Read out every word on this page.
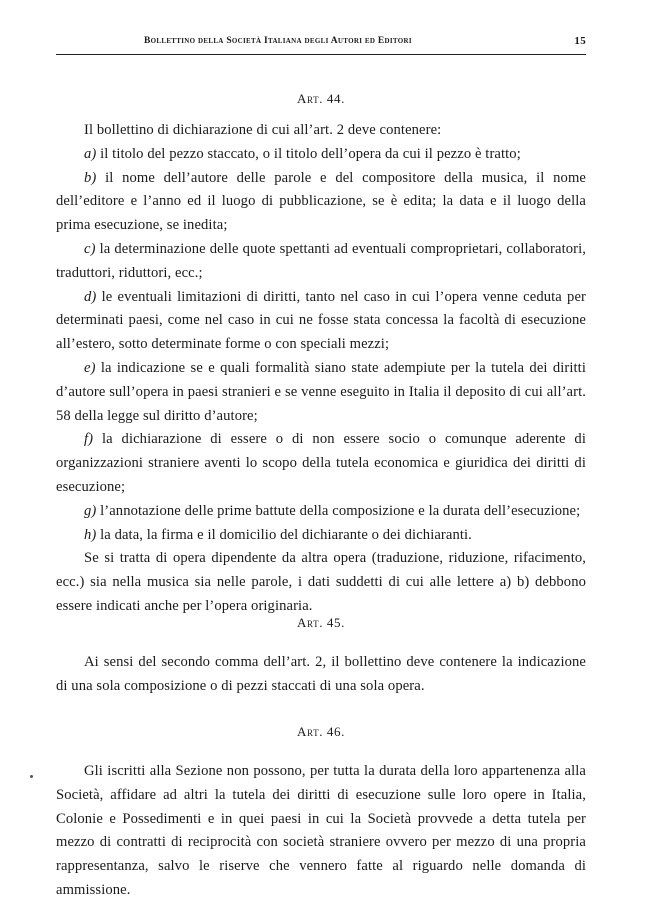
Bollettino della Società Italiana degli Autori ed Editori	15
Art. 44.

Il bollettino di dichiarazione di cui all’art. 2 deve contenere:

a) il titolo del pezzo staccato, o il titolo dell’opera da cui il pezzo è tratto;

b) il nome dell’autore delle parole e del compositore della musica, il nome dell’editore e l’anno ed il luogo di pubblicazione, se è edita; la data e il luogo della prima esecuzione, se inedita;

c) la determinazione delle quote spettanti ad eventuali comproprietari, collaboratori, traduttori, riduttori, ecc.;

d) le eventuali limitazioni di diritti, tanto nel caso in cui l’opera venne ceduta per determinati paesi, come nel caso in cui ne fosse stata concessa la facoltà di esecuzione all’estero, sotto determinate forme o con speciali mezzi;

e) la indicazione se e quali formalità siano state adempiute per la tutela dei diritti d’autore sull’opera in paesi stranieri e se venne eseguito in Italia il deposito di cui all’art. 58 della legge sul diritto d’autore;

f) la dichiarazione di essere o di non essere socio o comunque aderente di organizzazioni straniere aventi lo scopo della tutela economica e giuridica dei diritti di esecuzione;

g) l’annotazione delle prime battute della composizione e la durata dell’esecuzione;

h) la data, la firma e il domicilio del dichiarante o dei dichiaranti.

Se si tratta di opera dipendente da altra opera (traduzione, riduzione, rifacimento, ecc.) sia nella musica sia nelle parole, i dati suddetti di cui alle lettere a) b) debbono essere indicati anche per l’opera originaria.

Art. 45.

Ai sensi del secondo comma dell’art. 2, il bollettino deve contenere la indicazione di una sola composizione o di pezzi staccati di una sola opera.

Art. 46.

Gli iscritti alla Sezione non possono, per tutta la durata della loro appartenenza alla Società, affidare ad altri la tutela dei diritti di esecuzione sulle loro opere in Italia, Colonie e Possedimenti e in quei paesi in cui la Società provvede a detta tutela per mezzo di contratti di reciprocità con società straniere ovvero per mezzo di una propria rappresentanza, salvo le riserve che vennero fatte al riguardo nelle domanda di ammissione.
